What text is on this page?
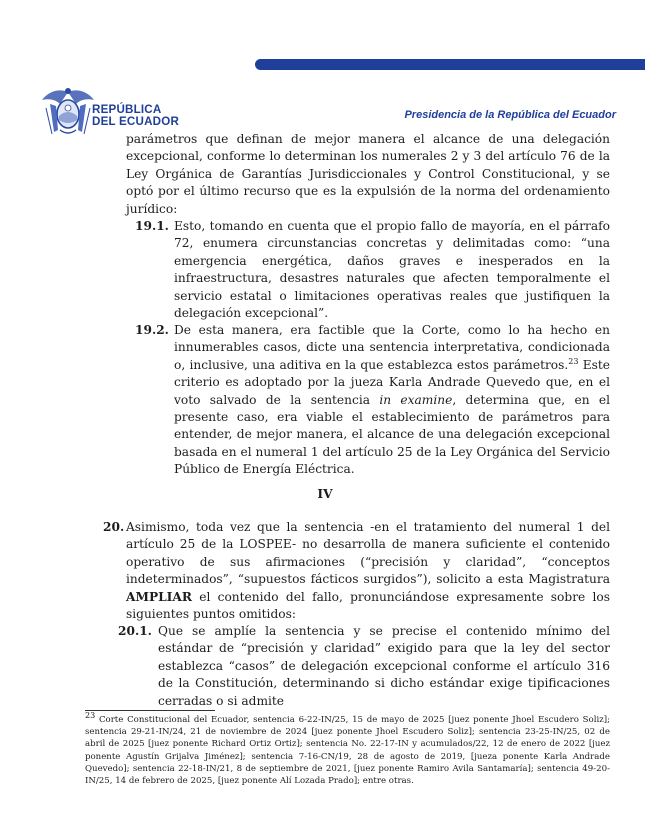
REPÚBLICA
DEL ECUADOR	Presidencia de la República del Ecuador
parámetros que definan de mejor manera el alcance de una delegación excepcional, conforme lo determinan los numerales 2 y 3 del artículo 76 de la Ley Orgánica de Garantías Jurisdiccionales y Control Constitucional, y se optó por el último recurso que es la expulsión de la norma del ordenamiento jurídico:
19.1. Esto, tomando en cuenta que el propio fallo de mayoría, en el párrafo 72, enumera circunstancias concretas y delimitadas como: “una emergencia energética, daños graves e inesperados en la infraestructura, desastres naturales que afecten temporalmente el servicio estatal o limitaciones operativas reales que justifiquen la delegación excepcional”.
19.2. De esta manera, era factible que la Corte, como lo ha hecho en innumerables casos, dicte una sentencia interpretativa, condicionada o, inclusive, una aditiva en la que establezca estos parámetros.$^{23}$ Este criterio es adoptado por la jueza Karla Andrade Quevedo que, en el voto salvado de la sentencia in examine, determina que, en el presente caso, era viable el establecimiento de parámetros para entender, de mejor manera, el alcance de una delegación excepcional basada en el numeral 1 del artículo 25 de la Ley Orgánica del Servicio Público de Energía Eléctrica.
IV
20. Asimismo, toda vez que la sentencia -en el tratamiento del numeral 1 del artículo 25 de la LOSPEE- no desarrolla de manera suficiente el contenido operativo de sus afirmaciones (“precisión y claridad”, “conceptos indeterminados”, “supuestos fácticos surgidos”), solicito a esta Magistratura AMPLIAR el contenido del fallo, pronunciándose expresamente sobre los siguientes puntos omitidos:
20.1. Que se amplíe la sentencia y se precise el contenido mínimo del estándar de “precisión y claridad” exigido para que la ley del sector establezca “casos” de delegación excepcional conforme el artículo 316 de la Constitución, determinando si dicho estándar exige tipificaciones cerradas o si admite
$^{23}$ Corte Constitucional del Ecuador, sentencia 6-22-IN/25, 15 de mayo de 2025 [juez ponente Jhoel Escudero Soliz]; sentencia 29-21-IN/24, 21 de noviembre de 2024 [juez ponente Jhoel Escudero Soliz]; sentencia 23-25-IN/25, 02 de abril de 2025 [juez ponente Richard Ortiz Ortiz]; sentencia No. 22-17-IN y acumulados/22, 12 de enero de 2022 [juez ponente Agustín Grijalva Jiménez]; sentencia 7-16-CN/19, 28 de agosto de 2019, [jueza ponente Karla Andrade Quevedo]; sentencia 22-18-IN/21, 8 de septiembre de 2021, [juez ponente Ramiro Avila Santamaría]; sentencia 49-20-IN/25, 14 de febrero de 2025, [juez ponente Alí Lozada Prado]; entre otras.
